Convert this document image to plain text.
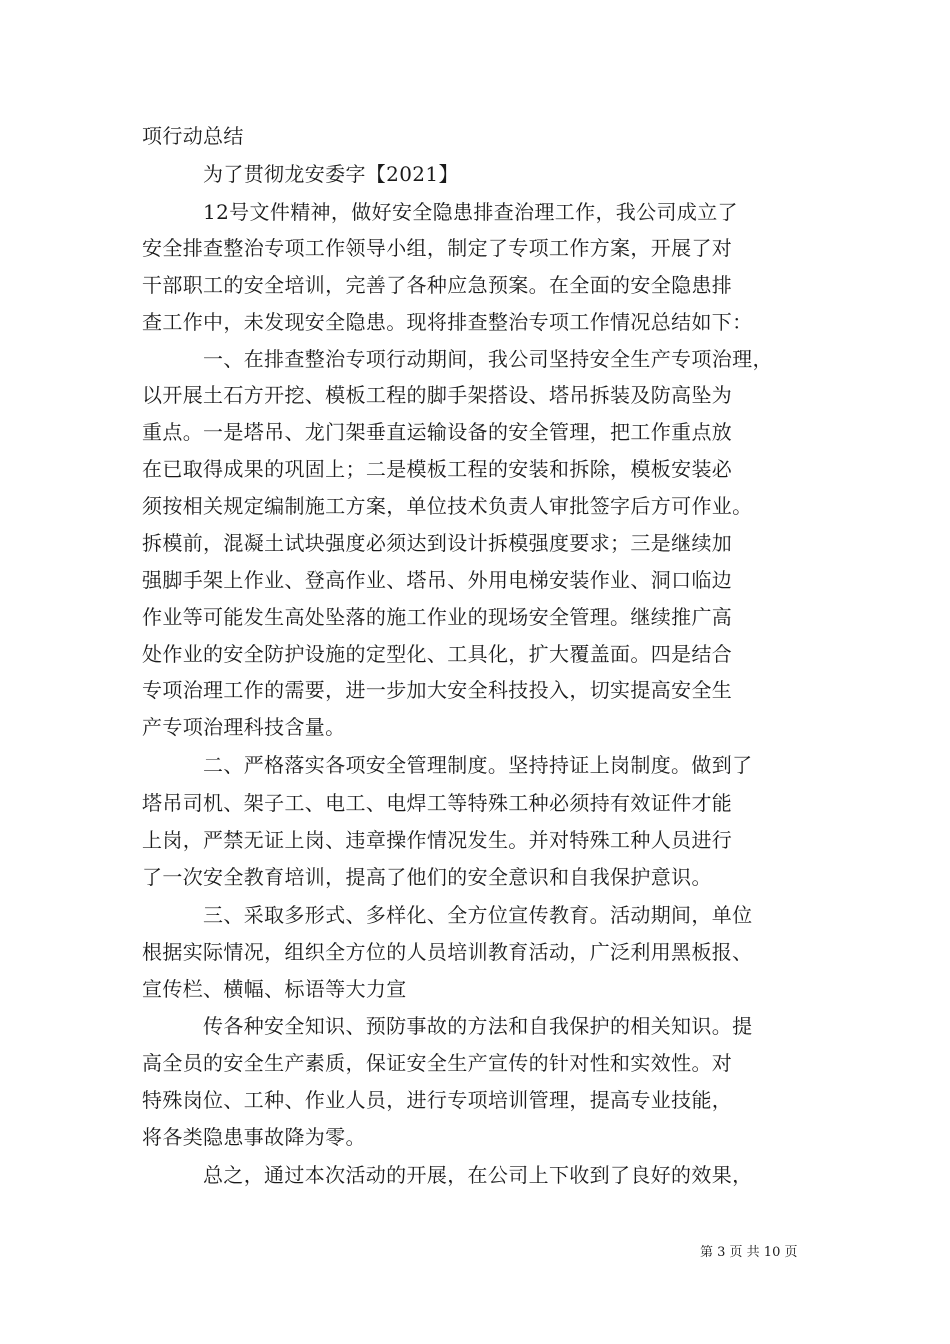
项行动总结
为了贯彻龙安委字【2021】
12号文件精神，做好安全隐患排查治理工作，我公司成立了
安全排查整治专项工作领导小组，制定了专项工作方案，开展了对
干部职工的安全培训，完善了各种应急预案。在全面的安全隐患排
查工作中，未发现安全隐患。现将排查整治专项工作情况总结如下：
一、在排查整治专项行动期间，我公司坚持安全生产专项治理，
以开展土石方开挖、模板工程的脚手架搭设、塔吊拆装及防高坠为
重点。一是塔吊、龙门架垂直运输设备的安全管理，把工作重点放
在已取得成果的巩固上；二是模板工程的安装和拆除，模板安装必
须按相关规定编制施工方案，单位技术负责人审批签字后方可作业。
拆模前，混凝土试块强度必须达到设计拆模强度要求；三是继续加
强脚手架上作业、登高作业、塔吊、外用电梯安装作业、洞口临边
作业等可能发生高处坠落的施工作业的现场安全管理。继续推广高
处作业的安全防护设施的定型化、工具化，扩大覆盖面。四是结合
专项治理工作的需要，进一步加大安全科技投入，切实提高安全生
产专项治理科技含量。
二、严格落实各项安全管理制度。坚持持证上岗制度。做到了
塔吊司机、架子工、电工、电焊工等特殊工种必须持有效证件才能
上岗，严禁无证上岗、违章操作情况发生。并对特殊工种人员进行
了一次安全教育培训，提高了他们的安全意识和自我保护意识。
三、采取多形式、多样化、全方位宣传教育。活动期间，单位
根据实际情况，组织全方位的人员培训教育活动，广泛利用黑板报、
宣传栏、横幅、标语等大力宣
传各种安全知识、预防事故的方法和自我保护的相关知识。提
高全员的安全生产素质，保证安全生产宣传的针对性和实效性。对
特殊岗位、工种、作业人员，进行专项培训管理，提高专业技能，
将各类隐患事故降为零。
总之，通过本次活动的开展，在公司上下收到了良好的效果，
第 3 页 共 10 页
